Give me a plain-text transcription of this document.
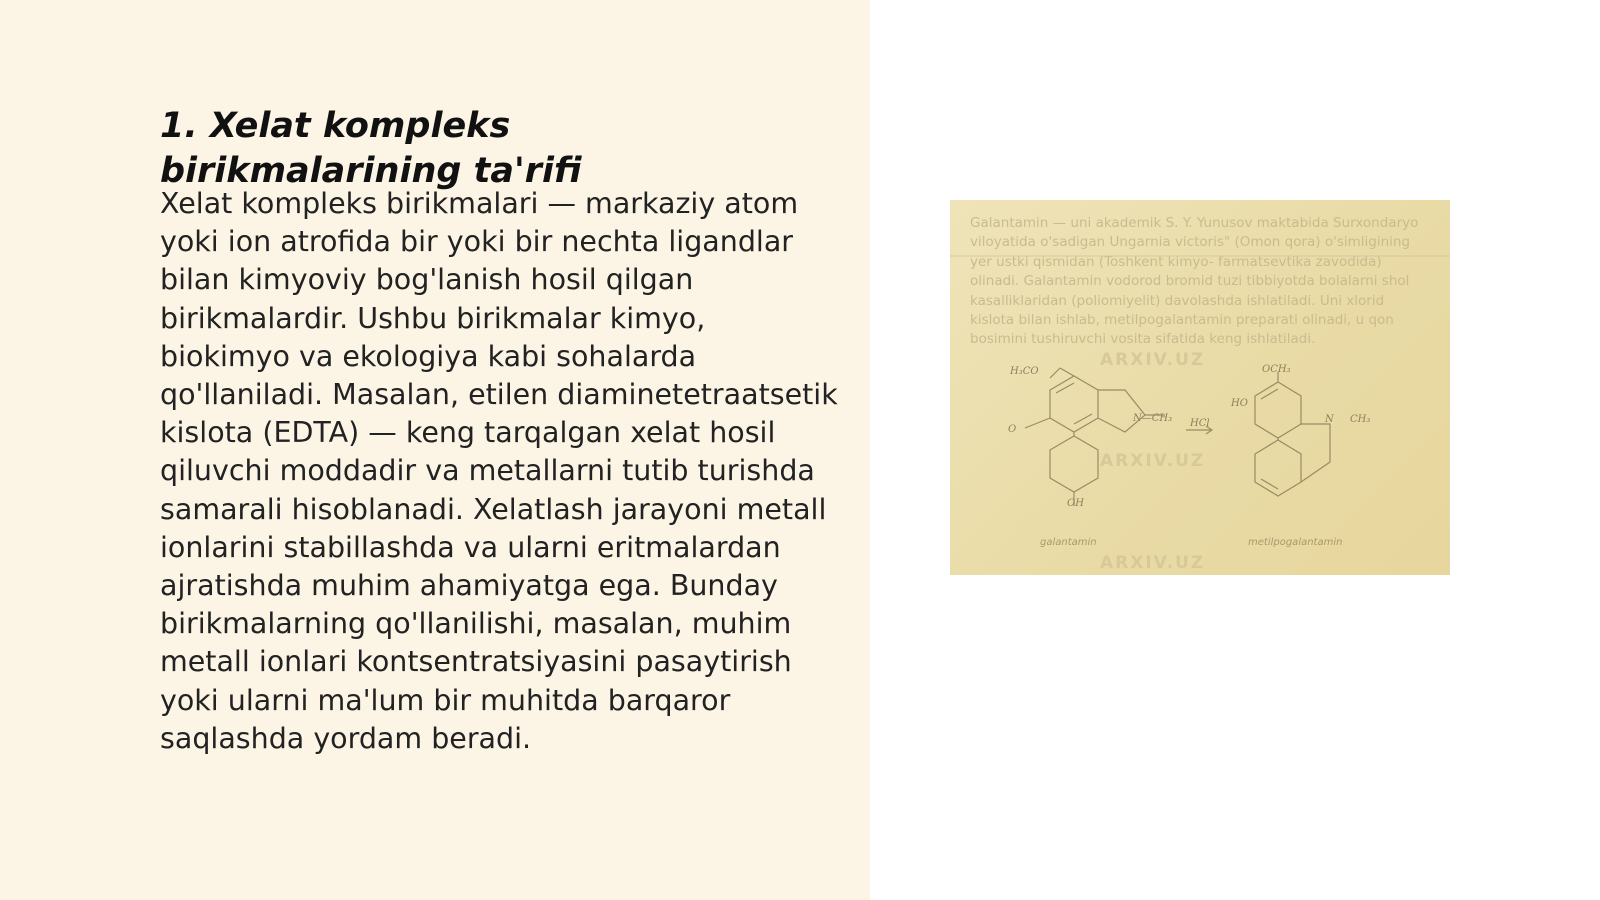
1. Xelat kompleks birikmalarining ta'rifi

Xelat kompleks birikmalari — markaziy atom yoki ion atrofida bir yoki bir nechta ligandlar bilan kimyoviy bog'lanish hosil qilgan birikmalardir. Ushbu birikmalar kimyo, biokimyo va ekologiya kabi sohalarda qo'llaniladi. Masalan, etilen diaminetetraatsetik kislota (EDTA) — keng tarqalgan xelat hosil qiluvchi moddadir va metallarni tutib turishda samarali hisoblanadi. Xelatlash jarayoni metall ionlarini stabillashda va ularni eritmalardan ajratishda muhim ahamiyatga ega. Bunday birikmalarning qo'llanilishi, masalan, muhim metall ionlari kontsentratsiyasini pasaytirish yoki ularni ma'lum bir muhitda barqaror saqlashda yordam beradi.

Galantamin — uni akademik S. Y. Yunusov maktabida Surxondaryo viloyatida o'sadigan Ungarnia victoris" (Omon qora) o'simligining yer ustki qismidan (Toshkent kimyo- farmatsevtika zavodida) olinadi. Galantamin vodorod bromid tuzi tibbiyotda bolalarni shol kasalliklaridan (poliomiyelit) davolashda ishlatiladi. Uni xlorid kislota bilan ishlab, metilpogalantamin preparati olinadi, u qon bosimini tushiruvchi vosita sifatida keng ishlatiladi.

ARXIV.UZ
ARXIV.UZ
ARXIV.UZ
H₃CO
N—CH₃
O
OH
HCl
HO
N CH₃
OCH₃
galantamin	metilpogalantamin
